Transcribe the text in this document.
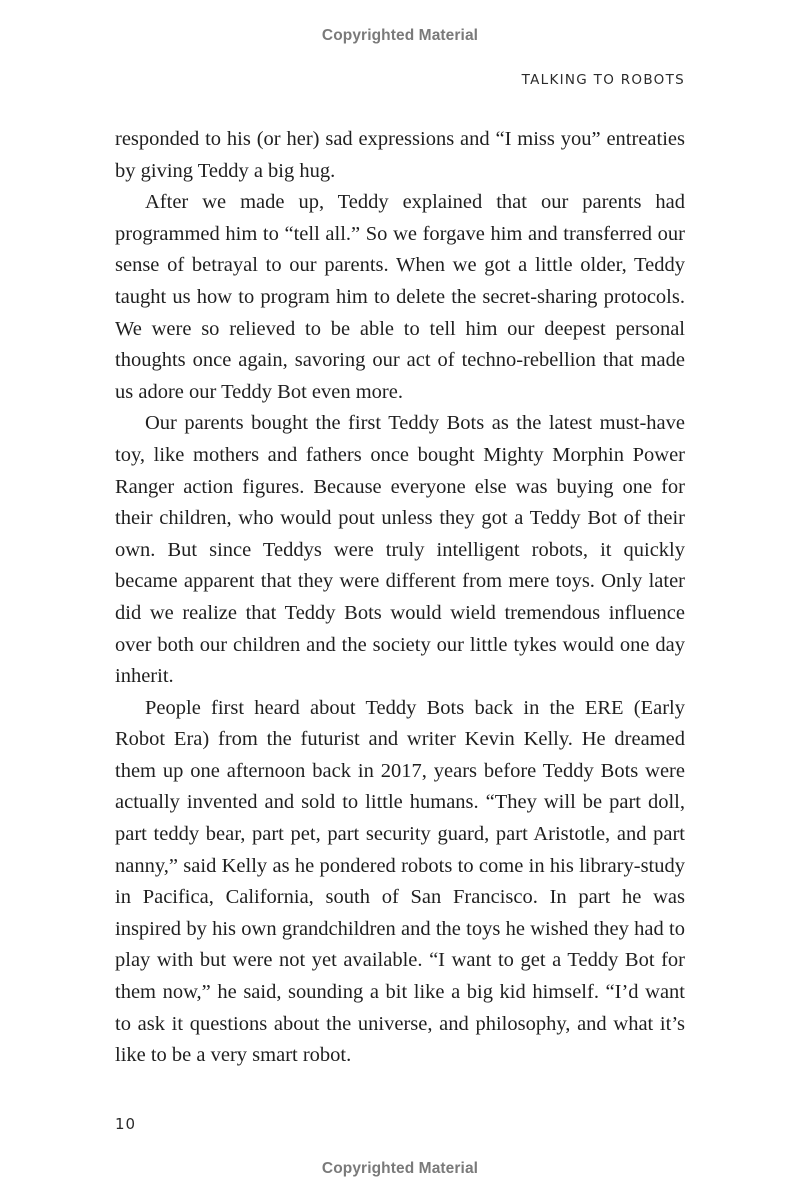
Copyrighted Material
TALKING TO ROBOTS

responded to his (or her) sad expressions and “I miss you” entreaties by giving Teddy a big hug.

After we made up, Teddy explained that our parents had programmed him to “tell all.” So we forgave him and transferred our sense of betrayal to our parents. When we got a little older, Teddy taught us how to program him to delete the secret-sharing protocols. We were so relieved to be able to tell him our deepest personal thoughts once again, savoring our act of techno-rebellion that made us adore our Teddy Bot even more.

Our parents bought the first Teddy Bots as the latest must-have toy, like mothers and fathers once bought Mighty Morphin Power Ranger action figures. Because everyone else was buying one for their children, who would pout unless they got a Teddy Bot of their own. But since Teddys were truly intelligent robots, it quickly became apparent that they were different from mere toys. Only later did we realize that Teddy Bots would wield tremendous influence over both our children and the society our little tykes would one day inherit.

People first heard about Teddy Bots back in the ERE (Early Robot Era) from the futurist and writer Kevin Kelly. He dreamed them up one afternoon back in 2017, years before Teddy Bots were actually invented and sold to little humans. “They will be part doll, part teddy bear, part pet, part security guard, part Aristotle, and part nanny,” said Kelly as he pondered robots to come in his library-study in Pacifica, California, south of San Francisco. In part he was inspired by his own grandchildren and the toys he wished they had to play with but were not yet available. “I want to get a Teddy Bot for them now,” he said, sounding a bit like a big kid himself. “I’d want to ask it questions about the universe, and philosophy, and what it’s like to be a very smart robot.

10
Copyrighted Material
